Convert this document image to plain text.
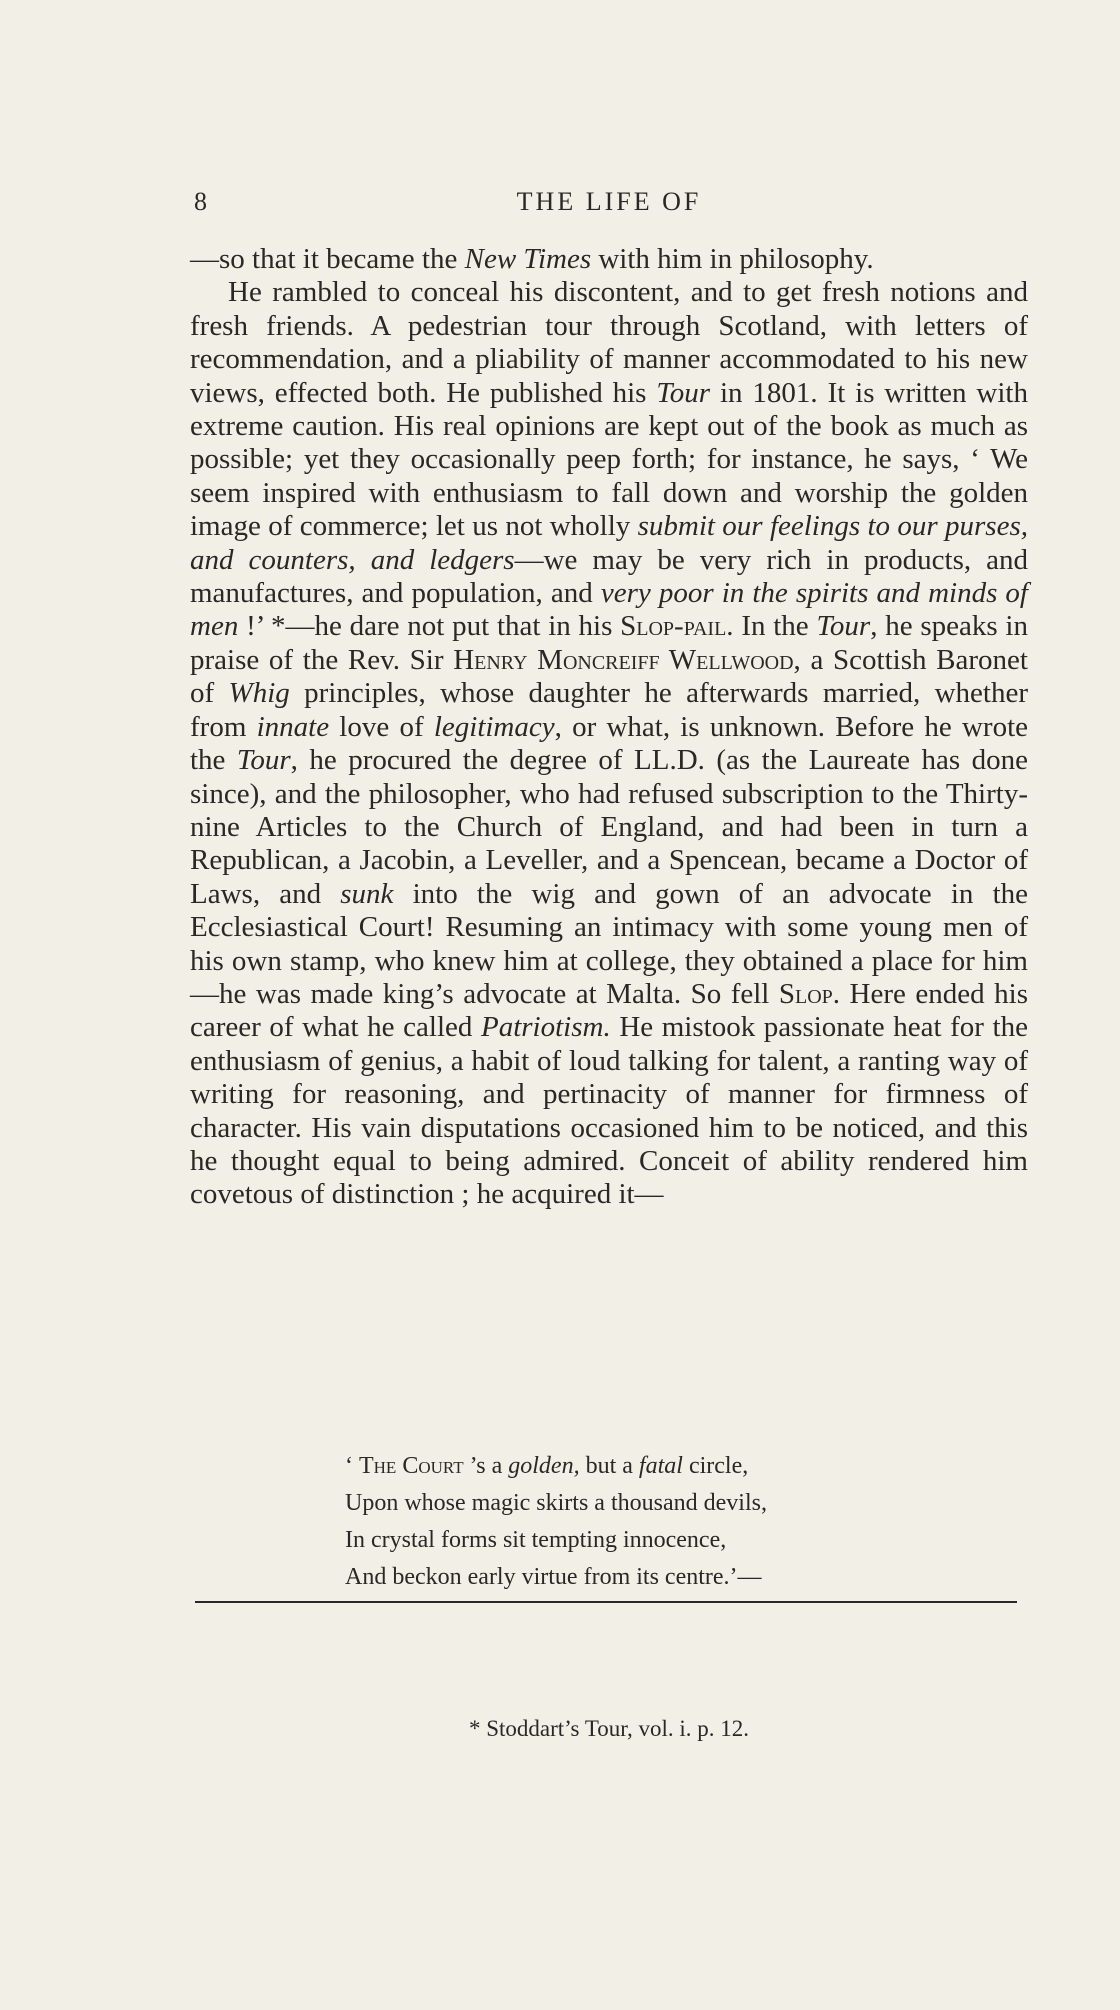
8	THE LIFE OF

—so that it became the New Times with him in philosophy.

He rambled to conceal his discontent, and to get fresh notions and fresh friends. A pedestrian tour through Scotland, with letters of recommendation, and a pliability of manner accommodated to his new views, effected both. He published his Tour in 1801. It is written with extreme caution. His real opinions are kept out of the book as much as possible; yet they occasionally peep forth; for instance, he says, ‘ We seem inspired with enthusiasm to fall down and worship the golden image of commerce; let us not wholly submit our feelings to our purses, and counters, and ledgers—we may be very rich in products, and manufactures, and population, and very poor in the spirits and minds of men !’ *—he dare not put that in his Slop-pail. In the Tour, he speaks in praise of the Rev. Sir Henry Moncreiff Wellwood, a Scottish Baronet of Whig principles, whose daughter he afterwards married, whether from innate love of legitimacy, or what, is unknown. Before he wrote the Tour, he procured the degree of LL.D. (as the Laureate has done since), and the philosopher, who had refused subscription to the Thirty-nine Articles to the Church of England, and had been in turn a Republican, a Jacobin, a Leveller, and a Spencean, became a Doctor of Laws, and sunk into the wig and gown of an advocate in the Ecclesiastical Court! Resuming an intimacy with some young men of his own stamp, who knew him at college, they obtained a place for him—he was made king’s advocate at Malta. So fell Slop. Here ended his career of what he called Patriotism. He mistook passionate heat for the enthusiasm of genius, a habit of loud talking for talent, a ranting way of writing for reasoning, and pertinacity of manner for firmness of character. His vain disputations occasioned him to be noticed, and this he thought equal to being admired. Conceit of ability rendered him covetous of distinction ; he acquired it—

‘ The Court ’s a golden, but a fatal circle,
Upon whose magic skirts a thousand devils,
In crystal forms sit tempting innocence,
And beckon early virtue from its centre.’—
* Stoddart’s Tour, vol. i. p. 12.
